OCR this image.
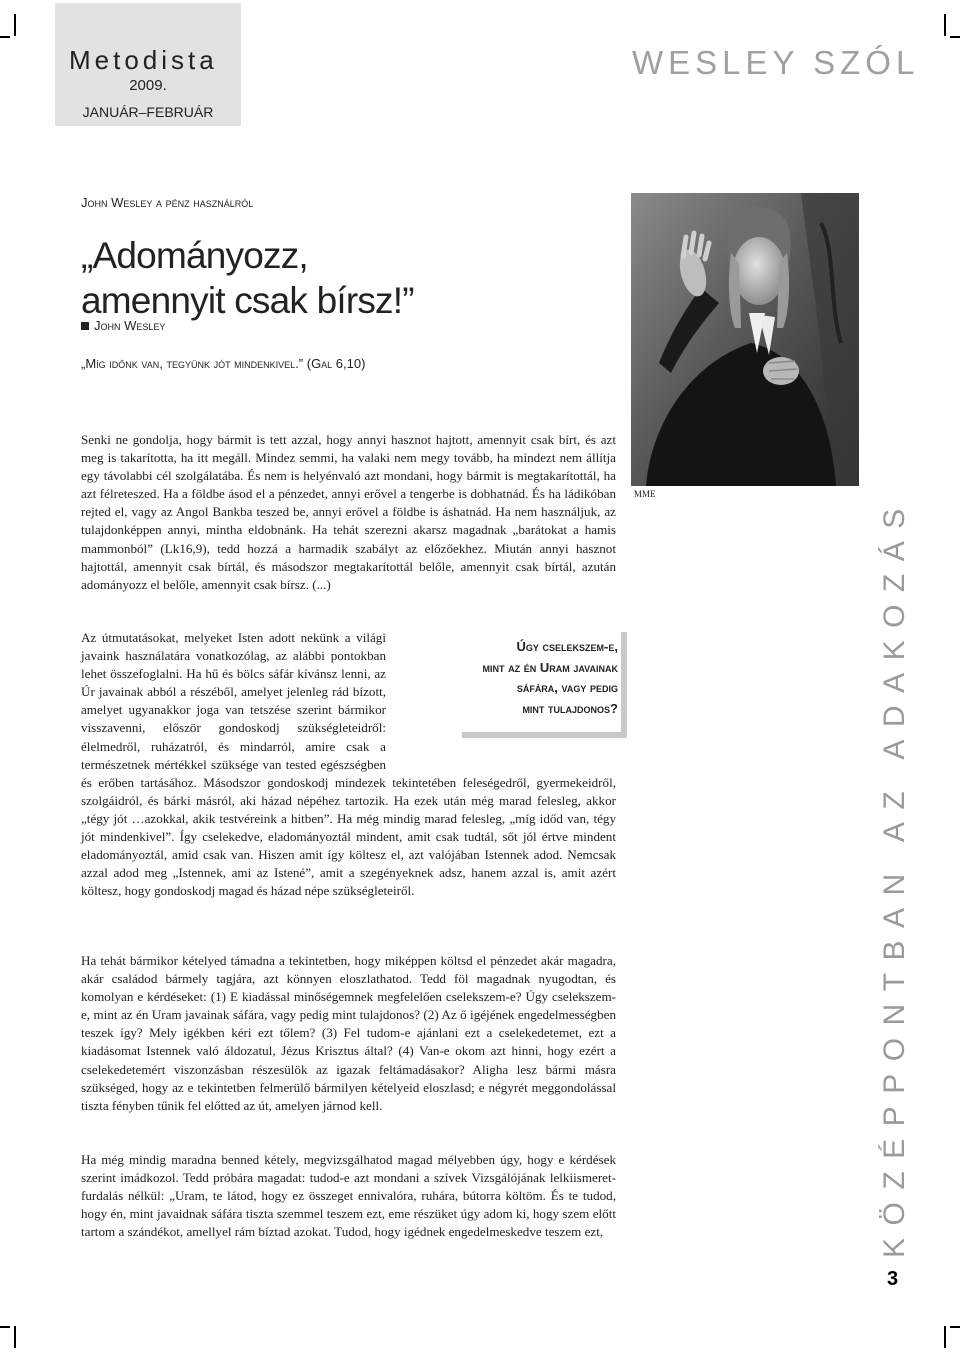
Metodista
2009.
JANUÁR–FEBRUÁR
WESLEY SZÓL
John Wesley a pénz használról
„Adományozz,
amennyit csak bírsz!”
John Wesley
„Míg időnk van, tegyünk jót mindenkivel.” (Gal 6,10)
MME
Senki ne gondolja, hogy bármit is tett azzal, hogy annyi hasznot hajtott, amennyit csak bírt, és azt meg is takarította, ha itt megáll. Mindez semmi, ha valaki nem megy tovább, ha mindezt nem állítja egy távolabbi cél szolgálatába. És nem is helyénvaló azt mondani, hogy bármit is megtakarítottál, ha azt félreteszed. Ha a földbe ásod el a pénzedet, annyi erővel a tengerbe is dobhatnád. És ha ládikóban rejted el, vagy az Angol Bankba teszed be, annyi erővel a földbe is áshatnád. Ha nem használjuk, az tulajdonképpen annyi, mintha eldobnánk. Ha tehát szerezni akarsz magadnak „barátokat a hamis mammonból” (Lk16,9), tedd hozzá a harmadik szabályt az előzőekhez. Miután annyi hasznot hajtottál, amennyit csak bírtál, és másodszor megtakarítottál belőle, amennyit csak bírtál, azután adományozz el belőle, amennyit csak bírsz. (...)
Az útmutatásokat, melyeket Isten adott nekünk a világi javaink használatára vonatkozólag, az alábbi pontokban lehet összefoglalni. Ha hű és bölcs sáfár kívánsz lenni, az Úr javainak abból a részéből, amelyet jelenleg rád bízott, amelyet ugyanakkor joga van tetszése szerint bármikor visszavenni, először gondoskodj szükségleteidről: élelmedről, ruházatról, és mindarról, amire csak a természetnek mértékkel szüksége van tested egészségben és erőben tartásához. Másodszor gondoskodj mindezek tekintetében feleségedről, gyermekeidről, szolgáidról, és bárki másról, aki házad népéhez tartozik. Ha ezek után még marad felesleg, akkor „tégy jót …azokkal, akik testvéreink a hitben”. Ha még mindig marad felesleg, „míg időd van, tégy jót mindenkivel”. Így cselekedve, eladományoztál mindent, amit csak tudtál, sőt jól értve mindent eladományoztál, amid csak van. Hiszen amit így költesz el, azt valójában Istennek adod. Nemcsak azzal adod meg „Istennek, ami az Istené”, amit a szegényeknek adsz, hanem azzal is, amit azért költesz, hogy gondoskodj magad és házad népe szükségleteiről.
Úgy cselekszem-e,
mint az én Uram javainak
sáfára, vagy pedig
mint tulajdonos?
Ha tehát bármikor kételyed támadna a tekintetben, hogy miképpen költsd el pénzedet akár magadra, akár családod bármely tagjára, azt könnyen eloszlathatod. Tedd föl magadnak nyugodtan, és komolyan e kérdéseket: (1) E kiadással minőségemnek megfelelően cselekszem-e? Úgy cselekszem-e, mint az én Uram javainak sáfára, vagy pedig mint tulajdonos? (2) Az ő igéjének engedelmességben teszek így? Mely igékben kéri ezt tőlem? (3) Fel tudom-e ajánlani ezt a cselekedetemet, ezt a kiadásomat Istennek való áldozatul, Jézus Krisztus által? (4) Van-e okom azt hinni, hogy ezért a cselekedetemért viszonzásban részesülök az igazak feltámadásakor? Aligha lesz bármi másra szükséged, hogy az e tekintetben felmerülő bármilyen kételyeid eloszlasd; e négyrét meggondolással tiszta fényben tűnik fel előtted az út, amelyen járnod kell.
Ha még mindig maradna benned kétely, megvizsgálhatod magad mélyebben úgy, hogy e kérdések szerint imádkozol. Tedd próbára magadat: tudod-e azt mondani a szívek Vizsgálójának lelkiismeret-furdalás nélkül: „Uram, te látod, hogy ez összeget ennivalóra, ruhára, bútorra költöm. És te tudod, hogy én, mint javaidnak sáfára tiszta szemmel teszem ezt, eme részüket úgy adom ki, hogy szem előtt tartom a szándékot, amellyel rám bíztad azokat. Tudod, hogy igédnek engedelmeskedve teszem ezt,	KÖZÉPPONTBAN AZ ADAKOZÁS
3
